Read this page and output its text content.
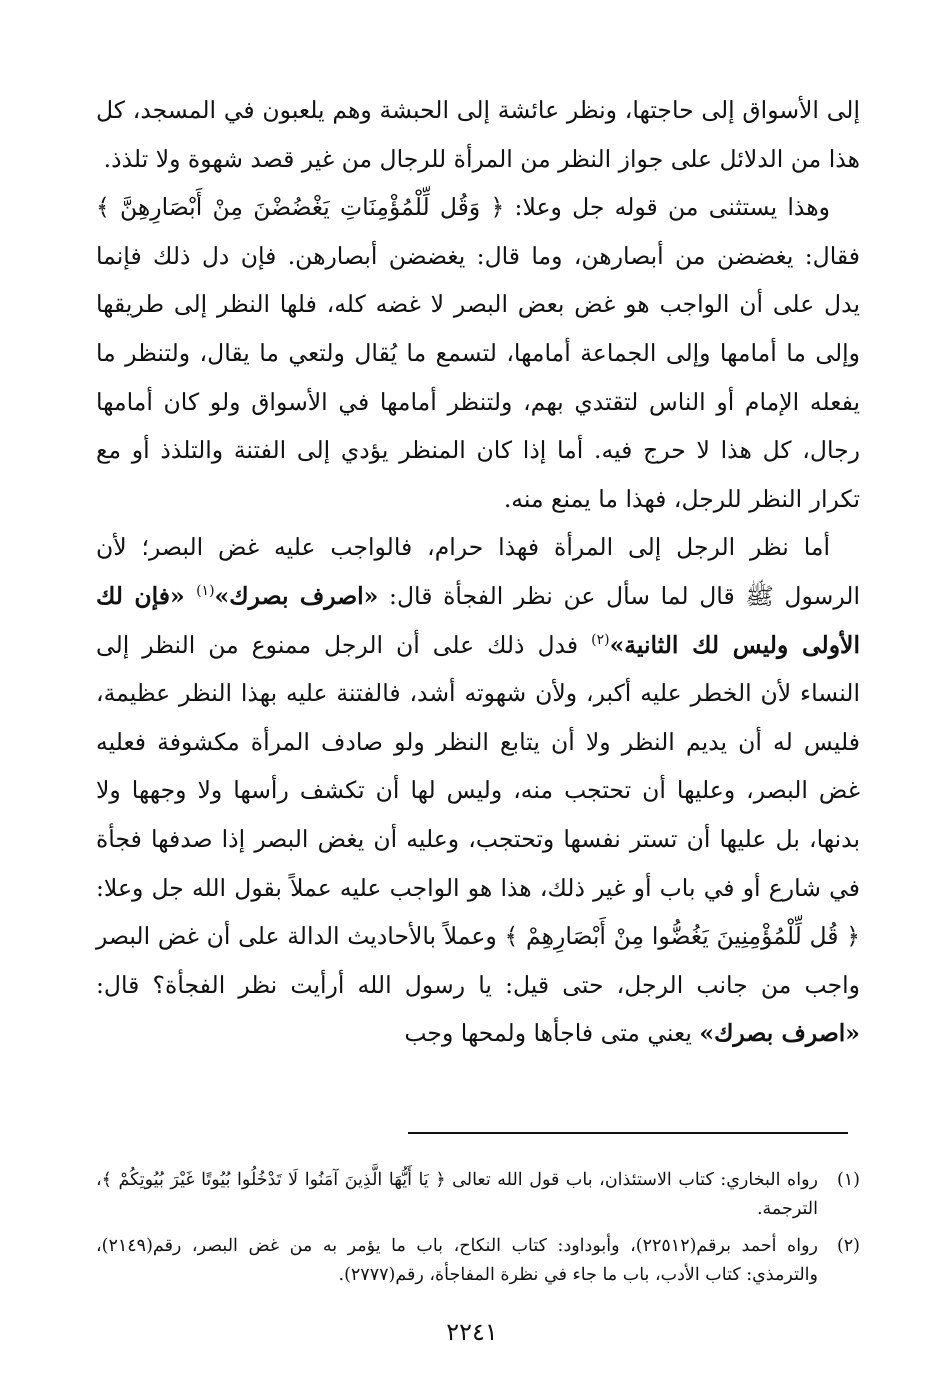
إلى الأسواق إلى حاجتها، ونظر عائشة إلى الحبشة وهم يلعبون في المسجد، كل هذا من الدلائل على جواز النظر من المرأة للرجال من غير قصد شهوة ولا تلذذ.

وهذا يستثنى من قوله جل وعلا: ﴿ وَقُل لِّلْمُؤْمِنَاتِ يَغْضُضْنَ مِنْ أَبْصَارِهِنَّ ﴾ فقال: يغضضن من أبصارهن، وما قال: يغضضن أبصارهن. فإن دل ذلك فإنما يدل على أن الواجب هو غض بعض البصر لا غضه كله، فلها النظر إلى طريقها وإلى ما أمامها وإلى الجماعة أمامها، لتسمع ما يُقال ولتعي ما يقال، ولتنظر ما يفعله الإمام أو الناس لتقتدي بهم، ولتنظر أمامها في الأسواق ولو كان أمامها رجال، كل هذا لا حرج فيه. أما إذا كان المنظر يؤدي إلى الفتنة والتلذذ أو مع تكرار النظر للرجل، فهذا ما يمنع منه.

أما نظر الرجل إلى المرأة فهذا حرام، فالواجب عليه غض البصر؛ لأن الرسول ﷺ قال لما سأل عن نظر الفجأة قال: «اصرف بصرك»$^{(١)}$ «فإن لك الأولى وليس لك الثانية»$^{(٢)}$ فدل ذلك على أن الرجل ممنوع من النظر إلى النساء لأن الخطر عليه أكبر، ولأن شهوته أشد، فالفتنة عليه بهذا النظر عظيمة، فليس له أن يديم النظر ولا أن يتابع النظر ولو صادف المرأة مكشوفة فعليه غض البصر، وعليها أن تحتجب منه، وليس لها أن تكشف رأسها ولا وجهها ولا بدنها، بل عليها أن تستر نفسها وتحتجب، وعليه أن يغض البصر إذا صدفها فجأة في شارع أو في باب أو غير ذلك، هذا هو الواجب عليه عملاً بقول الله جل وعلا: ﴿ قُل لِّلْمُؤْمِنِينَ يَغُضُّوا مِنْ أَبْصَارِهِمْ ﴾ وعملاً بالأحاديث الدالة على أن غض البصر واجب من جانب الرجل، حتى قيل: يا رسول الله أرأيت نظر الفجأة؟ قال: «اصرف بصرك» يعني متى فاجأها ولمحها وجب

(١)
رواه البخاري: كتاب الاستئذان، باب قول الله تعالى ﴿ يَا أَيُّهَا الَّذِينَ آمَنُوا لَا تَدْخُلُوا بُيُوتًا غَيْرَ بُيُوتِكُمْ ﴾، الترجمة.
(٢)
رواه أحمد برقم(٢٢٥١٢)، وأبوداود: كتاب النكاح، باب ما يؤمر به من غض البصر، رقم(٢١٤٩)، والترمذي: كتاب الأدب، باب ما جاء في نظرة المفاجأة، رقم(٢٧٧٧).
٢٢٤١
